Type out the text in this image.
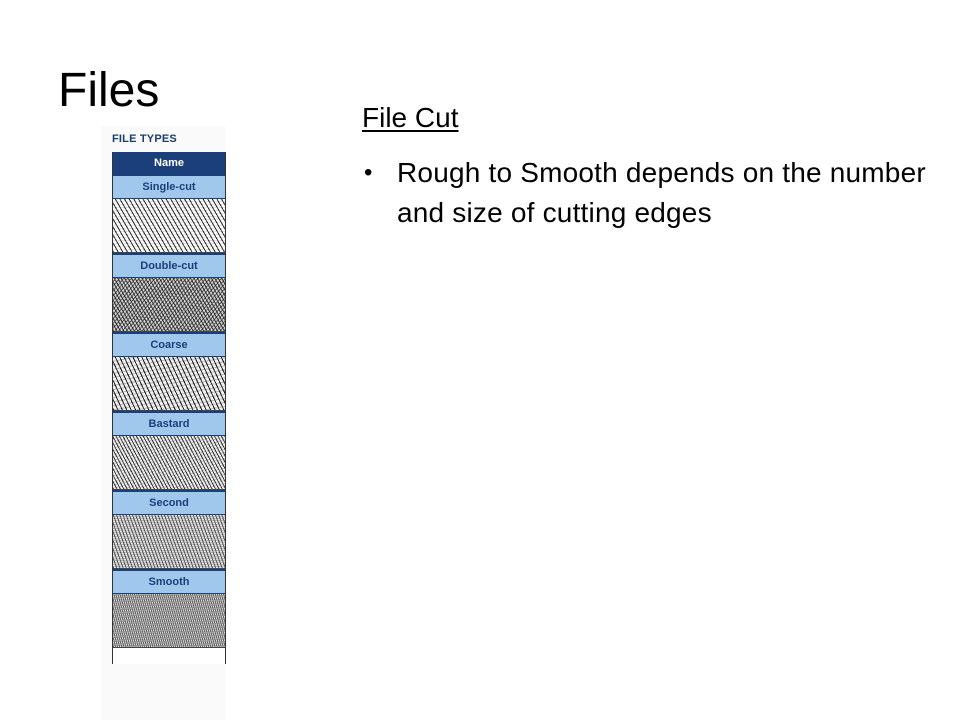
Files
FILE TYPES
Name
Single-cut
Double-cut
Coarse
Bastard
Second
Smooth
File Cut
• Rough to Smooth depends on the number and size of cutting edges
